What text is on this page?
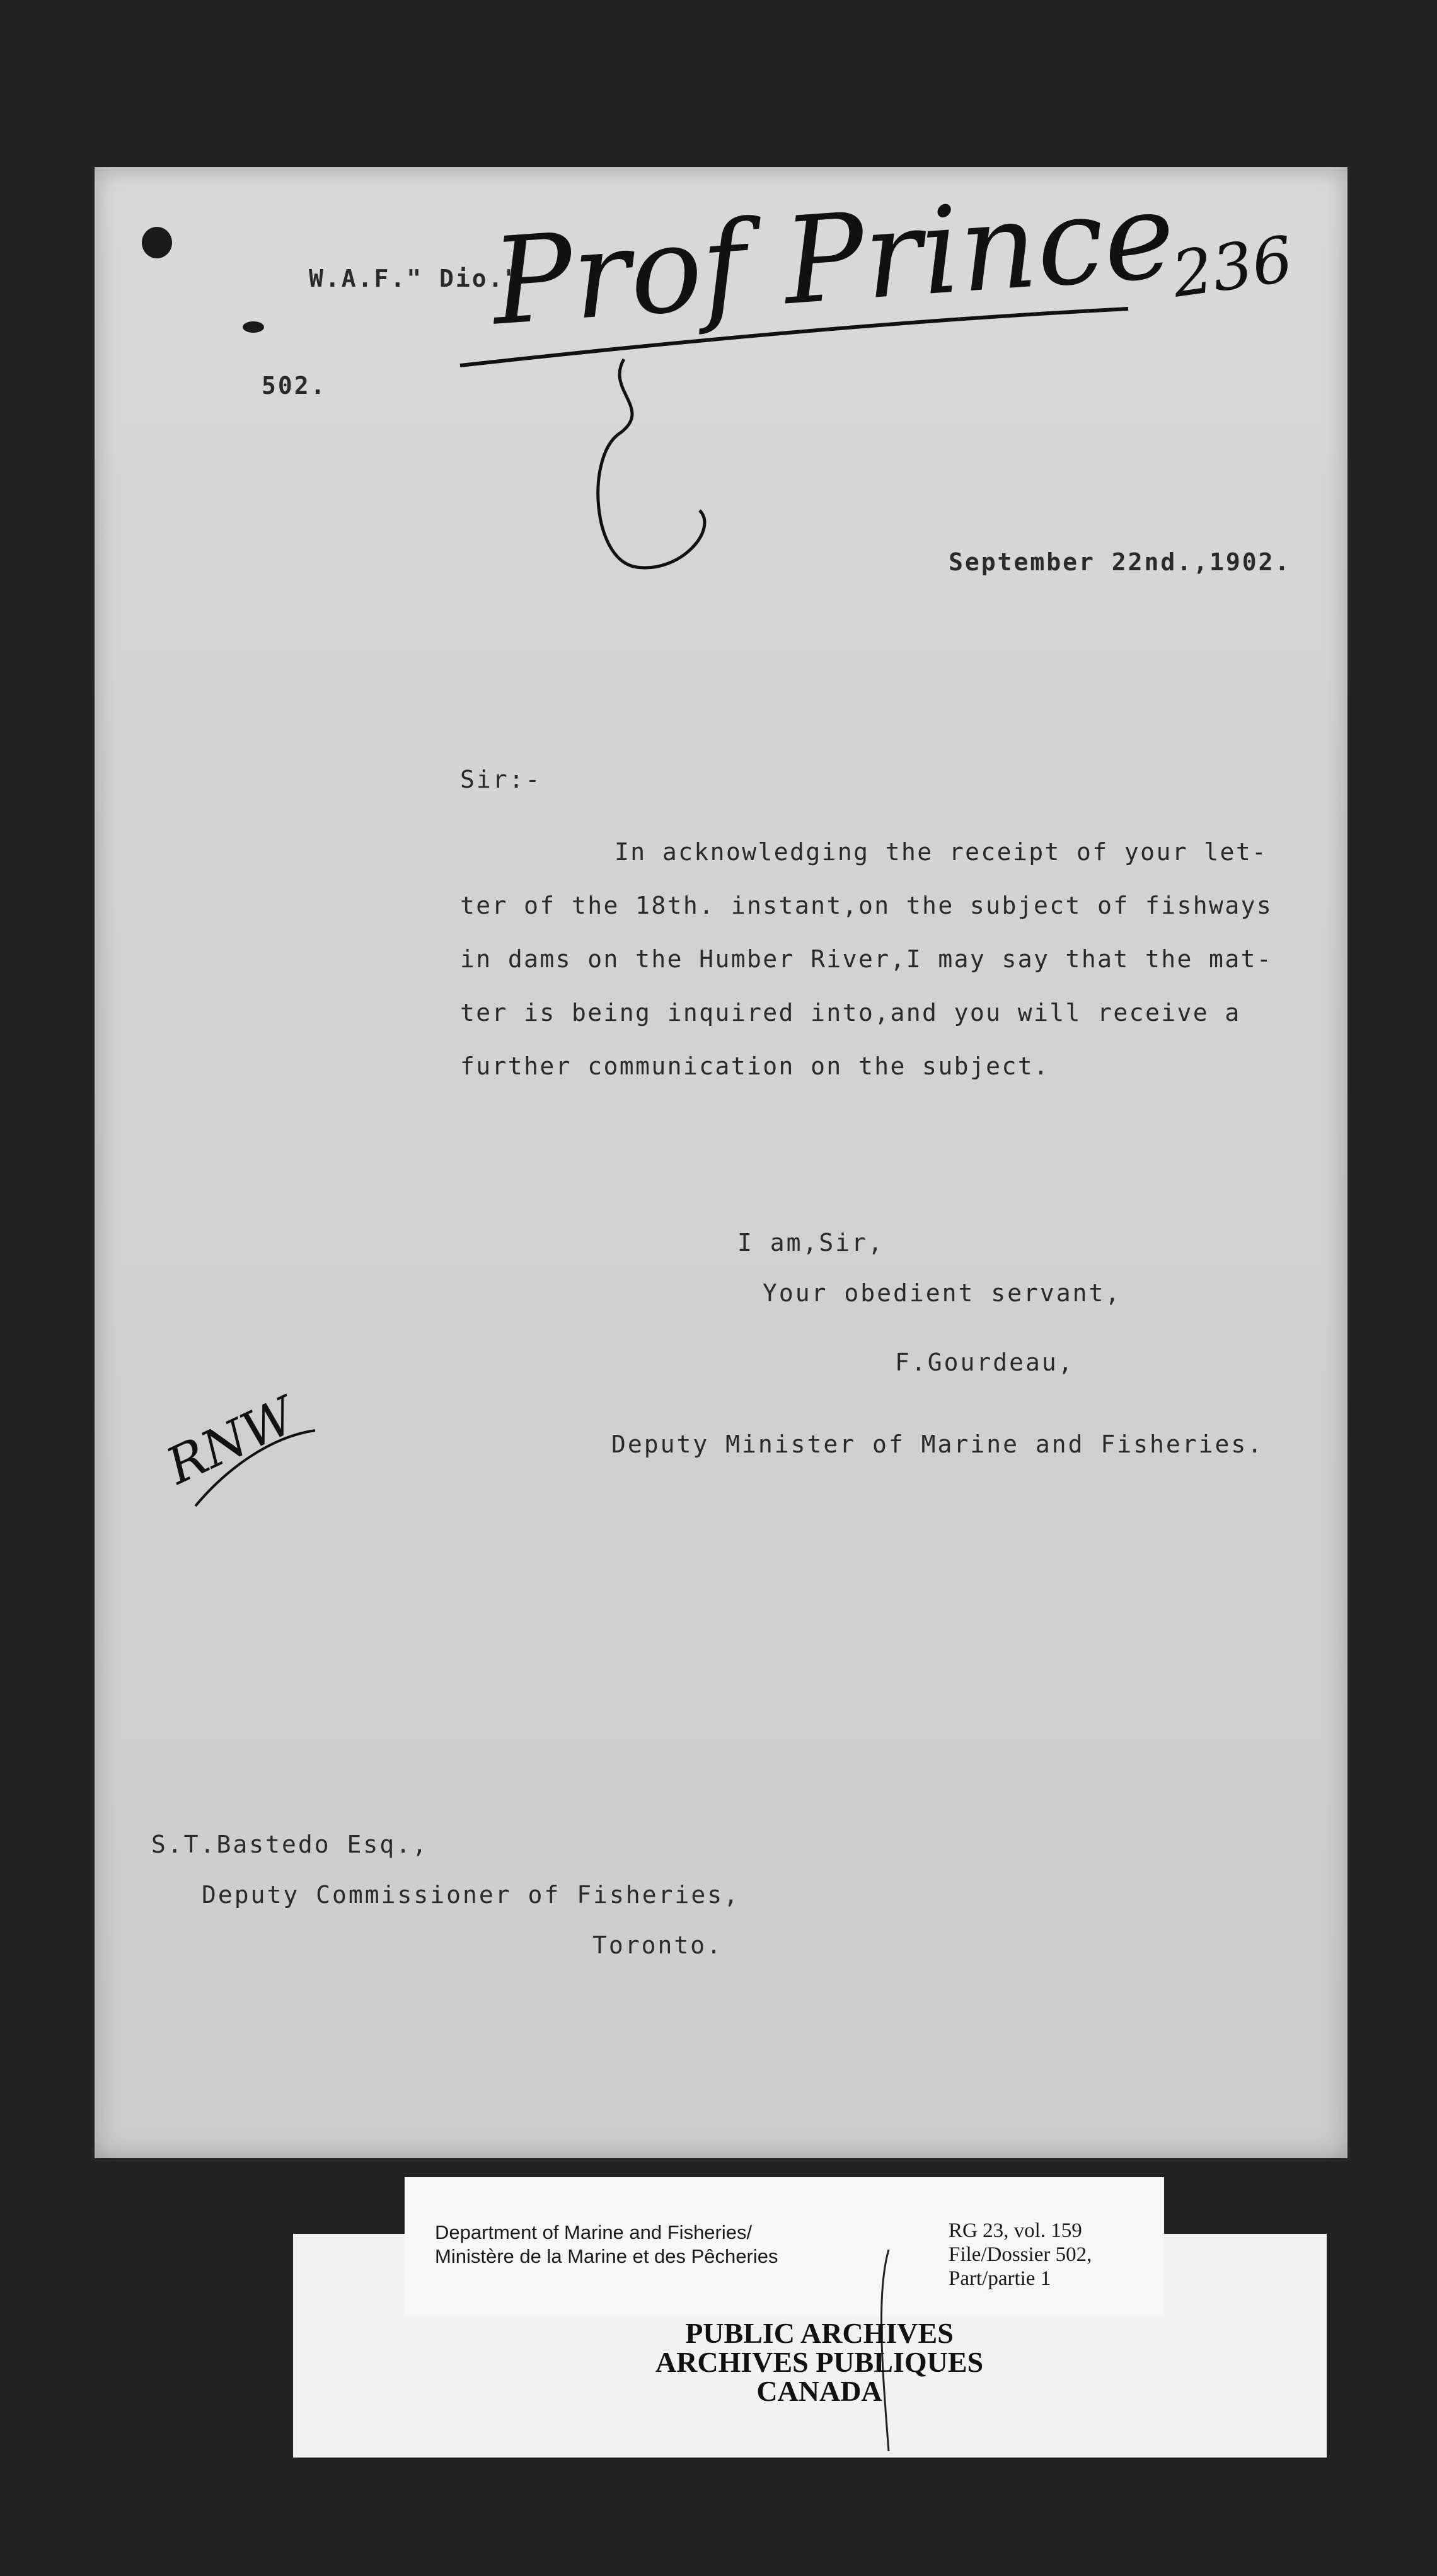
W.A.F." Dio."
502.
Prof Prince
236
September 22nd.,1902.
Sir:-
In acknowledging the receipt of your let-
ter of the 18th. instant,on the subject of fishways
in dams on the Humber River,I may say that the mat-
ter is being inquired into,and you will receive a
further communication on the subject.
I am,Sir,
Your obedient servant,
F.Gourdeau,
Deputy Minister of Marine and Fisheries.
RNW
S.T.Bastedo Esq.,
Deputy Commissioner of Fisheries,
Toronto.
Department of Marine and Fisheries/
Ministère de la Marine et des Pêcheries
RG 23, vol. 159
File/Dossier 502,
Part/partie 1
PUBLIC ARCHIVES
ARCHIVES PUBLIQUES
CANADA
